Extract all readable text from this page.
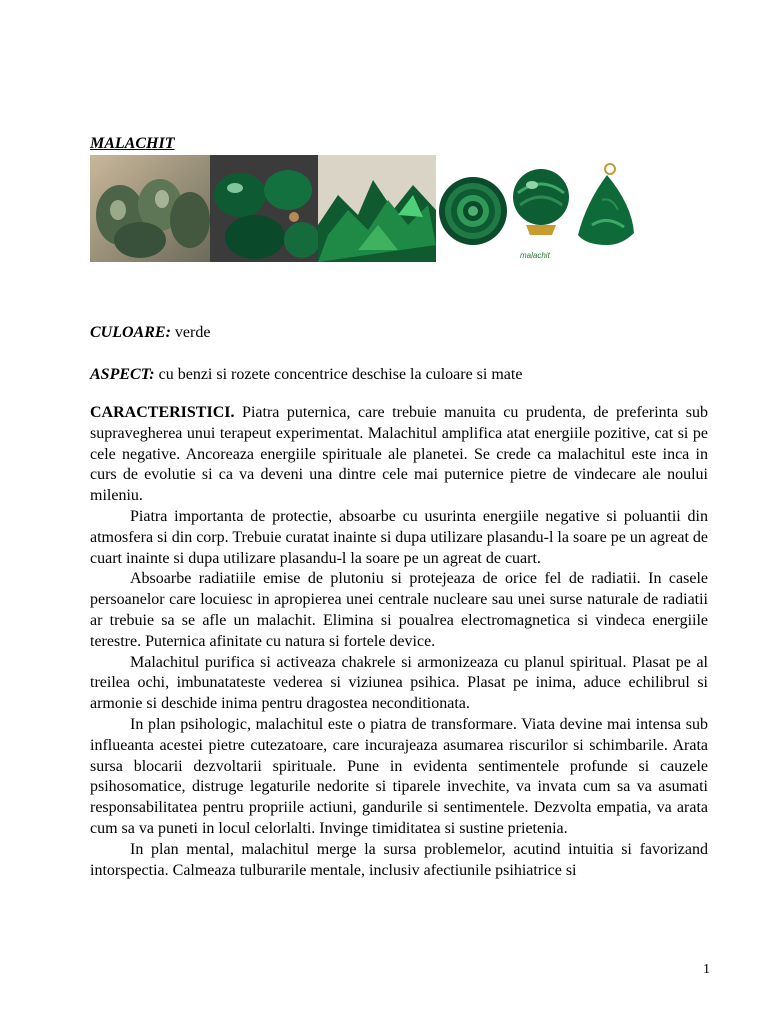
MALACHIT
malachit
CULOARE: verde
ASPECT: cu benzi si rozete concentrice deschise la culoare si mate

CARACTERISTICI. Piatra puternica, care trebuie manuita cu prudenta, de preferinta sub supravegherea unui terapeut experimentat. Malachitul amplifica atat energiile pozitive, cat si pe cele negative. Ancoreaza energiile spirituale ale planetei. Se crede ca malachitul este inca in curs de evolutie si ca va deveni una dintre cele mai puternice pietre de vindecare ale noului mileniu.

Piatra importanta de protectie, absoarbe cu usurinta energiile negative si poluantii din atmosfera si din corp. Trebuie curatat inainte si dupa utilizare plasandu-l la soare pe un agreat de cuart inainte si dupa utilizare plasandu-l la soare pe un agreat de cuart.

Absoarbe radiatiile emise de plutoniu si protejeaza de orice fel de radiatii. In casele persoanelor care locuiesc in apropierea unei centrale nucleare sau unei surse naturale de radiatii ar trebuie sa se afle un malachit. Elimina si poualrea electromagnetica si vindeca energiile terestre. Puternica afinitate cu natura si fortele device.

Malachitul purifica si activeaza chakrele si armonizeaza cu planul spiritual. Plasat pe al treilea ochi, imbunatateste vederea si viziunea psihica. Plasat pe inima, aduce echilibrul si armonie si deschide inima pentru dragostea neconditionata.

In plan psihologic, malachitul este o piatra de transformare. Viata devine mai intensa sub influeanta acestei pietre cutezatoare, care incurajeaza asumarea riscurilor si schimbarile. Arata sursa blocarii dezvoltarii spirituale. Pune in evidenta sentimentele profunde si cauzele psihosomatice, distruge legaturile nedorite si tiparele invechite, va invata cum sa va asumati responsabilitatea pentru propriile actiuni, gandurile si sentimentele. Dezvolta empatia, va arata cum sa va puneti in locul celorlalti. Invinge timiditatea si sustine prietenia.

In plan mental, malachitul merge la sursa problemelor, acutind intuitia si favorizand intorspectia. Calmeaza tulburarile mentale, inclusiv afectiunile psihiatrice si

1
